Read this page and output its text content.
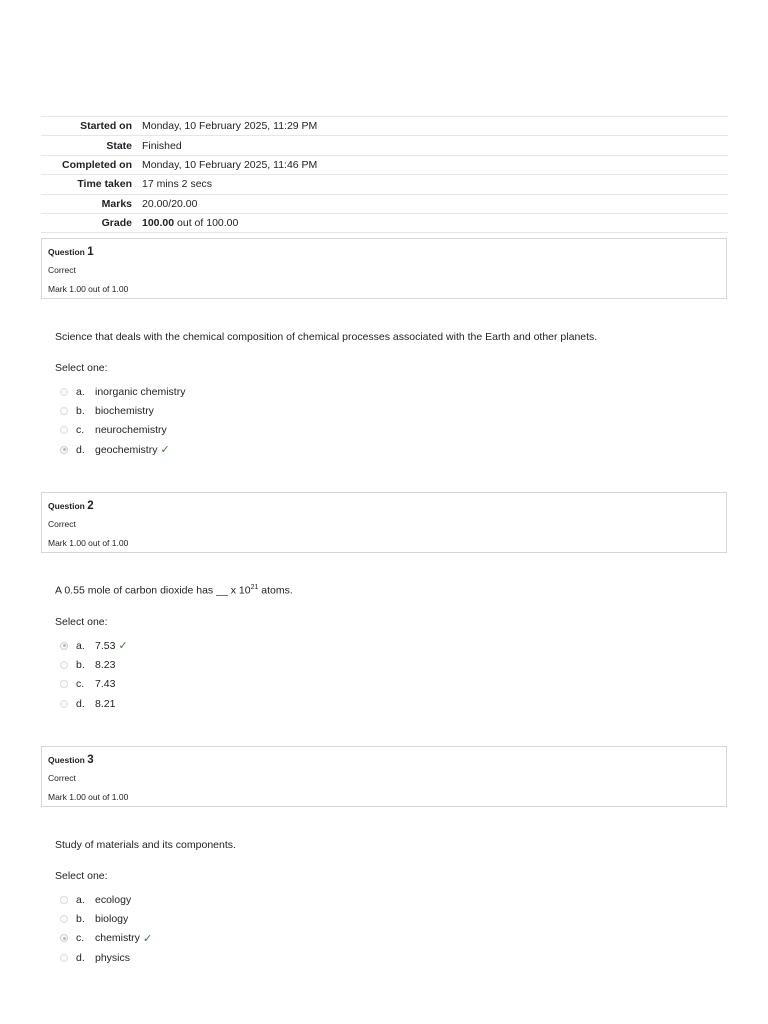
Started on Monday, 10 February 2025, 11:29 PM
State Finished
Completed on Monday, 10 February 2025, 11:46 PM
Time taken 17 mins 2 secs
Marks 20.00/20.00
Grade 100.00 out of 100.00
Question 1
Correct
Mark 1.00 out of 1.00
Science that deals with the chemical composition of chemical processes associated with the Earth and other planets.
Select one:
a. inorganic chemistry
b. biochemistry
c.	neurochemistry
d. geochemistry ✓
Question 2
Correct
Mark 1.00 out of 1.00
A 0.55 mole of carbon dioxide has __ x $10^{21}$ atoms.
Select one:
a. 7.53 ✓
b. 8.23
c.	7.43
d. 8.21
Question 3
Correct
Mark 1.00 out of 1.00
Study of materials and its components.
Select one:
a. ecology
b. biology
c.	chemistry ✓
d. physics
